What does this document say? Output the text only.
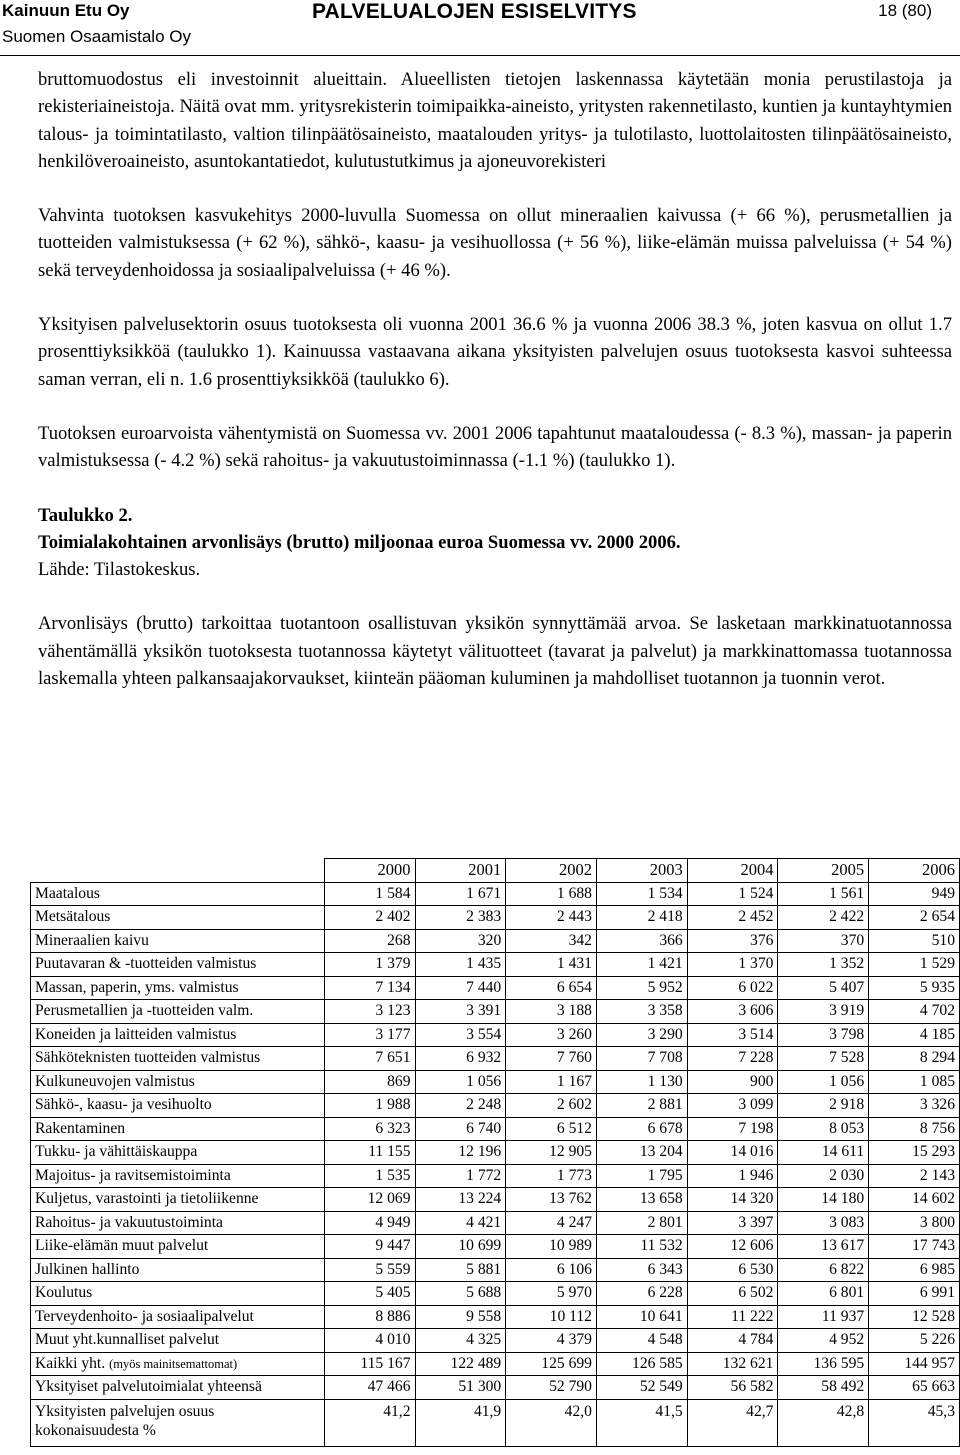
Kainuun Etu Oy
Suomen Osaamistalo Oy
PALVELUALOJEN ESISELVITYS	18 (80)

bruttomuodostus eli investoinnit alueittain. Alueellisten tietojen laskennassa käytetään monia perustilastoja ja rekisteriaineistoja. Näitä ovat mm. yritysrekisterin toimipaikka-aineisto, yritysten rakennetilasto, kuntien ja kuntayhtymien talous- ja toimintatilasto, valtion tilinpäätösaineisto, maatalouden yritys- ja tulotilasto, luottolaitosten tilinpäätösaineisto, henkilöveroaineisto, asuntokantatiedot, kulutustutkimus ja ajoneuvorekisteri

Vahvinta tuotoksen kasvukehitys 2000-luvulla Suomessa on ollut mineraalien kaivussa (+ 66 %), perusmetallien ja tuotteiden valmistuksessa (+ 62 %), sähkö-, kaasu- ja vesihuollossa (+ 56 %), liike-elämän muissa palveluissa (+ 54 %) sekä terveydenhoidossa ja sosiaalipalveluissa (+ 46 %).

Yksityisen palvelusektorin osuus tuotoksesta oli vuonna 2001 36.6 % ja vuonna 2006 38.3 %, joten kasvua on ollut 1.7 prosenttiyksikköä (taulukko 1). Kainuussa vastaavana aikana yksityisten palvelujen osuus tuotoksesta kasvoi suhteessa saman verran, eli n. 1.6 prosenttiyksikköä (taulukko 6).

Tuotoksen euroarvoista vähentymistä on Suomessa vv. 2001 2006 tapahtunut maataloudessa (- 8.3 %), massan- ja paperin valmistuksessa (- 4.2 %) sekä rahoitus- ja vakuutustoiminnassa (-1.1 %) (taulukko 1).

Taulukko 2.

Toimialakohtainen arvonlisäys (brutto) miljoonaa euroa Suomessa vv. 2000 2006.

Lähde: Tilastokeskus.

Arvonlisäys (brutto) tarkoittaa tuotantoon osallistuvan yksikön synnyttämää arvoa. Se lasketaan markkinatuotannossa vähentämällä yksikön tuotoksesta tuotannossa käytetyt välituotteet (tavarat ja palvelut) ja markkinattomassa tuotannossa laskemalla yhteen palkansaajakorvaukset, kiinteän pääoman kuluminen ja mahdolliset tuotannon ja tuonnin verot.

	2000	2001	2002	2003	2004	2005	2006
Maatalous	1 584	1 671	1 688	1 534	1 524	1 561	949
Metsätalous	2 402	2 383	2 443	2 418	2 452	2 422	2 654
Mineraalien kaivu	268	320	342	366	376	370	510
Puutavaran & -tuotteiden valmistus	1 379	1 435	1 431	1 421	1 370	1 352	1 529
Massan, paperin, yms. valmistus	7 134	7 440	6 654	5 952	6 022	5 407	5 935
Perusmetallien ja -tuotteiden valm.	3 123	3 391	3 188	3 358	3 606	3 919	4 702
Koneiden ja laitteiden valmistus	3 177	3 554	3 260	3 290	3 514	3 798	4 185
Sähköteknisten tuotteiden valmistus	7 651	6 932	7 760	7 708	7 228	7 528	8 294
Kulkuneuvojen valmistus	869	1 056	1 167	1 130	900	1 056	1 085
Sähkö-, kaasu- ja vesihuolto	1 988	2 248	2 602	2 881	3 099	2 918	3 326
Rakentaminen	6 323	6 740	6 512	6 678	7 198	8 053	8 756
Tukku- ja vähittäiskauppa	11 155	12 196	12 905	13 204	14 016	14 611	15 293
Majoitus- ja ravitsemistoiminta	1 535	1 772	1 773	1 795	1 946	2 030	2 143
Kuljetus, varastointi ja tietoliikenne	12 069	13 224	13 762	13 658	14 320	14 180	14 602
Rahoitus- ja vakuutustoiminta	4 949	4 421	4 247	2 801	3 397	3 083	3 800
Liike-elämän muut palvelut	9 447	10 699	10 989	11 532	12 606	13 617	17 743
Julkinen hallinto	5 559	5 881	6 106	6 343	6 530	6 822	6 985
Koulutus	5 405	5 688	5 970	6 228	6 502	6 801	6 991
Terveydenhoito- ja sosiaalipalvelut	8 886	9 558	10 112	10 641	11 222	11 937	12 528
Muut yht.kunnalliset palvelut	4 010	4 325	4 379	4 548	4 784	4 952	5 226
Kaikki yht. (myös mainitsemattomat)	115 167	122 489	125 699	126 585	132 621	136 595	144 957
Yksityiset palvelutoimialat yhteensä	47 466	51 300	52 790	52 549	56 582	58 492	65 663

Yksityisten palvelujen osuus
kokonaisuudesta %	41,2	41,9	42,0	41,5	42,7	42,8	45,3
